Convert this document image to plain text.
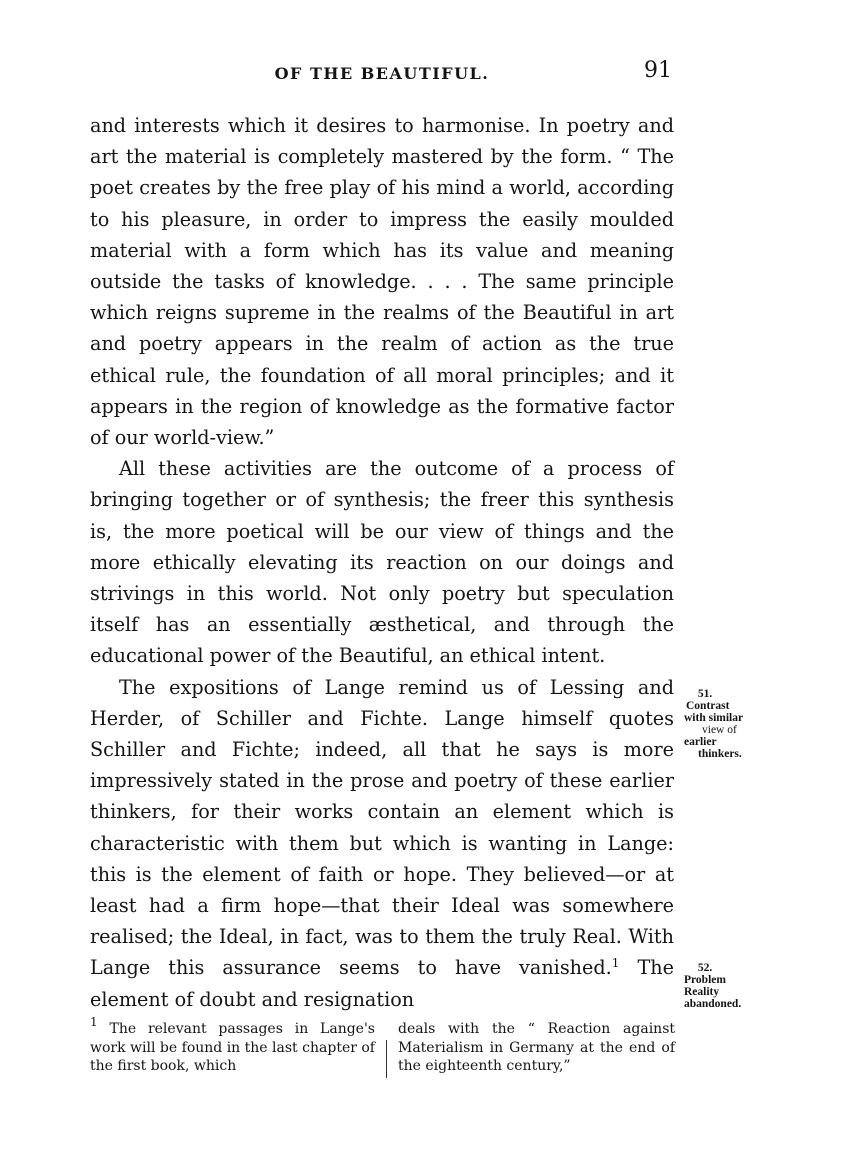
OF THE BEAUTIFUL.	91

and interests which it desires to harmonise. In poetry and art the material is completely mastered by the form. “ The poet creates by the free play of his mind a world, according to his pleasure, in order to impress the easily moulded material with a form which has its value and meaning outside the tasks of knowledge. . . . The same principle which reigns supreme in the realms of the Beautiful in art and poetry appears in the realm of action as the true ethical rule, the foundation of all moral principles; and it appears in the region of knowledge as the formative factor of our world-view.”

All these activities are the outcome of a process of bringing together or of synthesis; the freer this synthesis is, the more poetical will be our view of things and the more ethically elevating its reaction on our doings and strivings in this world. Not only poetry but speculation itself has an essentially æsthetical, and through the educational power of the Beautiful, an ethical intent.

The expositions of Lange remind us of Lessing and Herder, of Schiller and Fichte. Lange himself quotes Schiller and Fichte; indeed, all that he says is more impressively stated in the prose and poetry of these earlier thinkers, for their works contain an element which is characteristic with them but which is wanting in Lange: this is the element of faith or hope. They believed—or at least had a firm hope—that their Ideal was somewhere realised; the Ideal, in fact, was to them the truly Real. With Lange this assurance seems to have vanished.$^1$ The element of doubt and resignation

51.
Contrast
with similar
view of
earlier
thinkers.
52.
Problem
Reality
abandoned.

$^1$ The relevant passages in Lange's work will be found in the last chapter of the first book, which

deals with the “ Reaction against Materialism in Germany at the end of the eighteenth century,”
